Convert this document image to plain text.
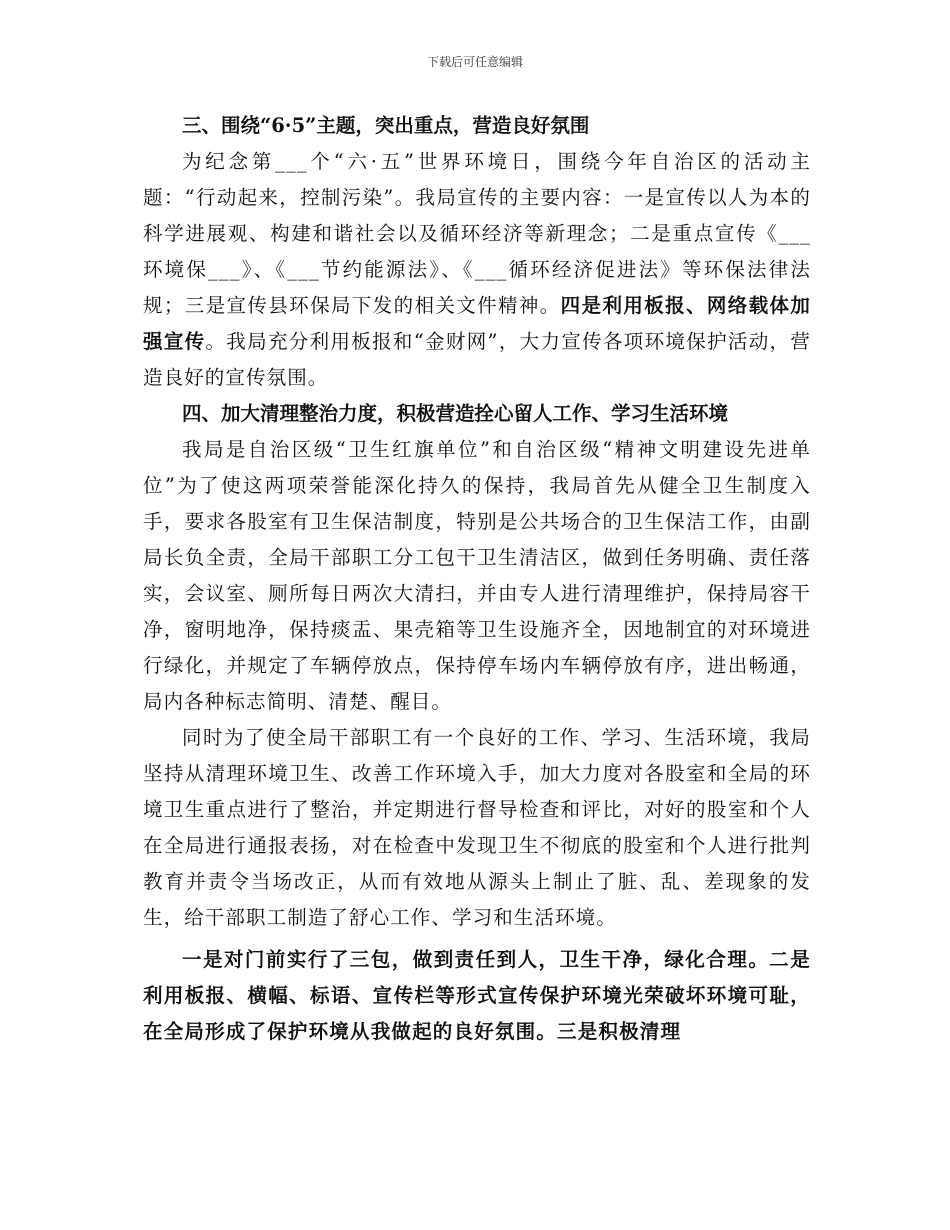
下载后可任意编辑

三、围绕“6·5”主题，突出重点，营造良好氛围

为纪念第___个“六·五”世界环境日，围绕今年自治区的活动主题：“行动起来，控制污染”。我局宣传的主要内容：一是宣传以人为本的科学进展观、构建和谐社会以及循环经济等新理念；二是重点宣传《___环境保___》、《___节约能源法》、《___循环经济促进法》等环保法律法规；三是宣传县环保局下发的相关文件精神。四是利用板报、网络载体加强宣传。我局充分利用板报和“金财网”，大力宣传各项环境保护活动，营造良好的宣传氛围。

四、加大清理整治力度，积极营造拴心留人工作、学习生活环境

我局是自治区级“卫生红旗单位”和自治区级“精神文明建设先进单位”为了使这两项荣誉能深化持久的保持，我局首先从健全卫生制度入手，要求各股室有卫生保洁制度，特别是公共场合的卫生保洁工作，由副局长负全责，全局干部职工分工包干卫生清洁区，做到任务明确、责任落实，会议室、厕所每日两次大清扫，并由专人进行清理维护，保持局容干净，窗明地净，保持痰盂、果壳箱等卫生设施齐全，因地制宜的对环境进行绿化，并规定了车辆停放点，保持停车场内车辆停放有序，进出畅通，局内各种标志简明、清楚、醒目。

同时为了使全局干部职工有一个良好的工作、学习、生活环境，我局坚持从清理环境卫生、改善工作环境入手，加大力度对各股室和全局的环境卫生重点进行了整治，并定期进行督导检查和评比，对好的股室和个人在全局进行通报表扬，对在检查中发现卫生不彻底的股室和个人进行批判教育并责令当场改正，从而有效地从源头上制止了脏、乱、差现象的发生，给干部职工制造了舒心工作、学习和生活环境。

一是对门前实行了三包，做到责任到人，卫生干净，绿化合理。二是利用板报、横幅、标语、宣传栏等形式宣传保护环境光荣破坏环境可耻，在全局形成了保护环境从我做起的良好氛围。三是积极清理
